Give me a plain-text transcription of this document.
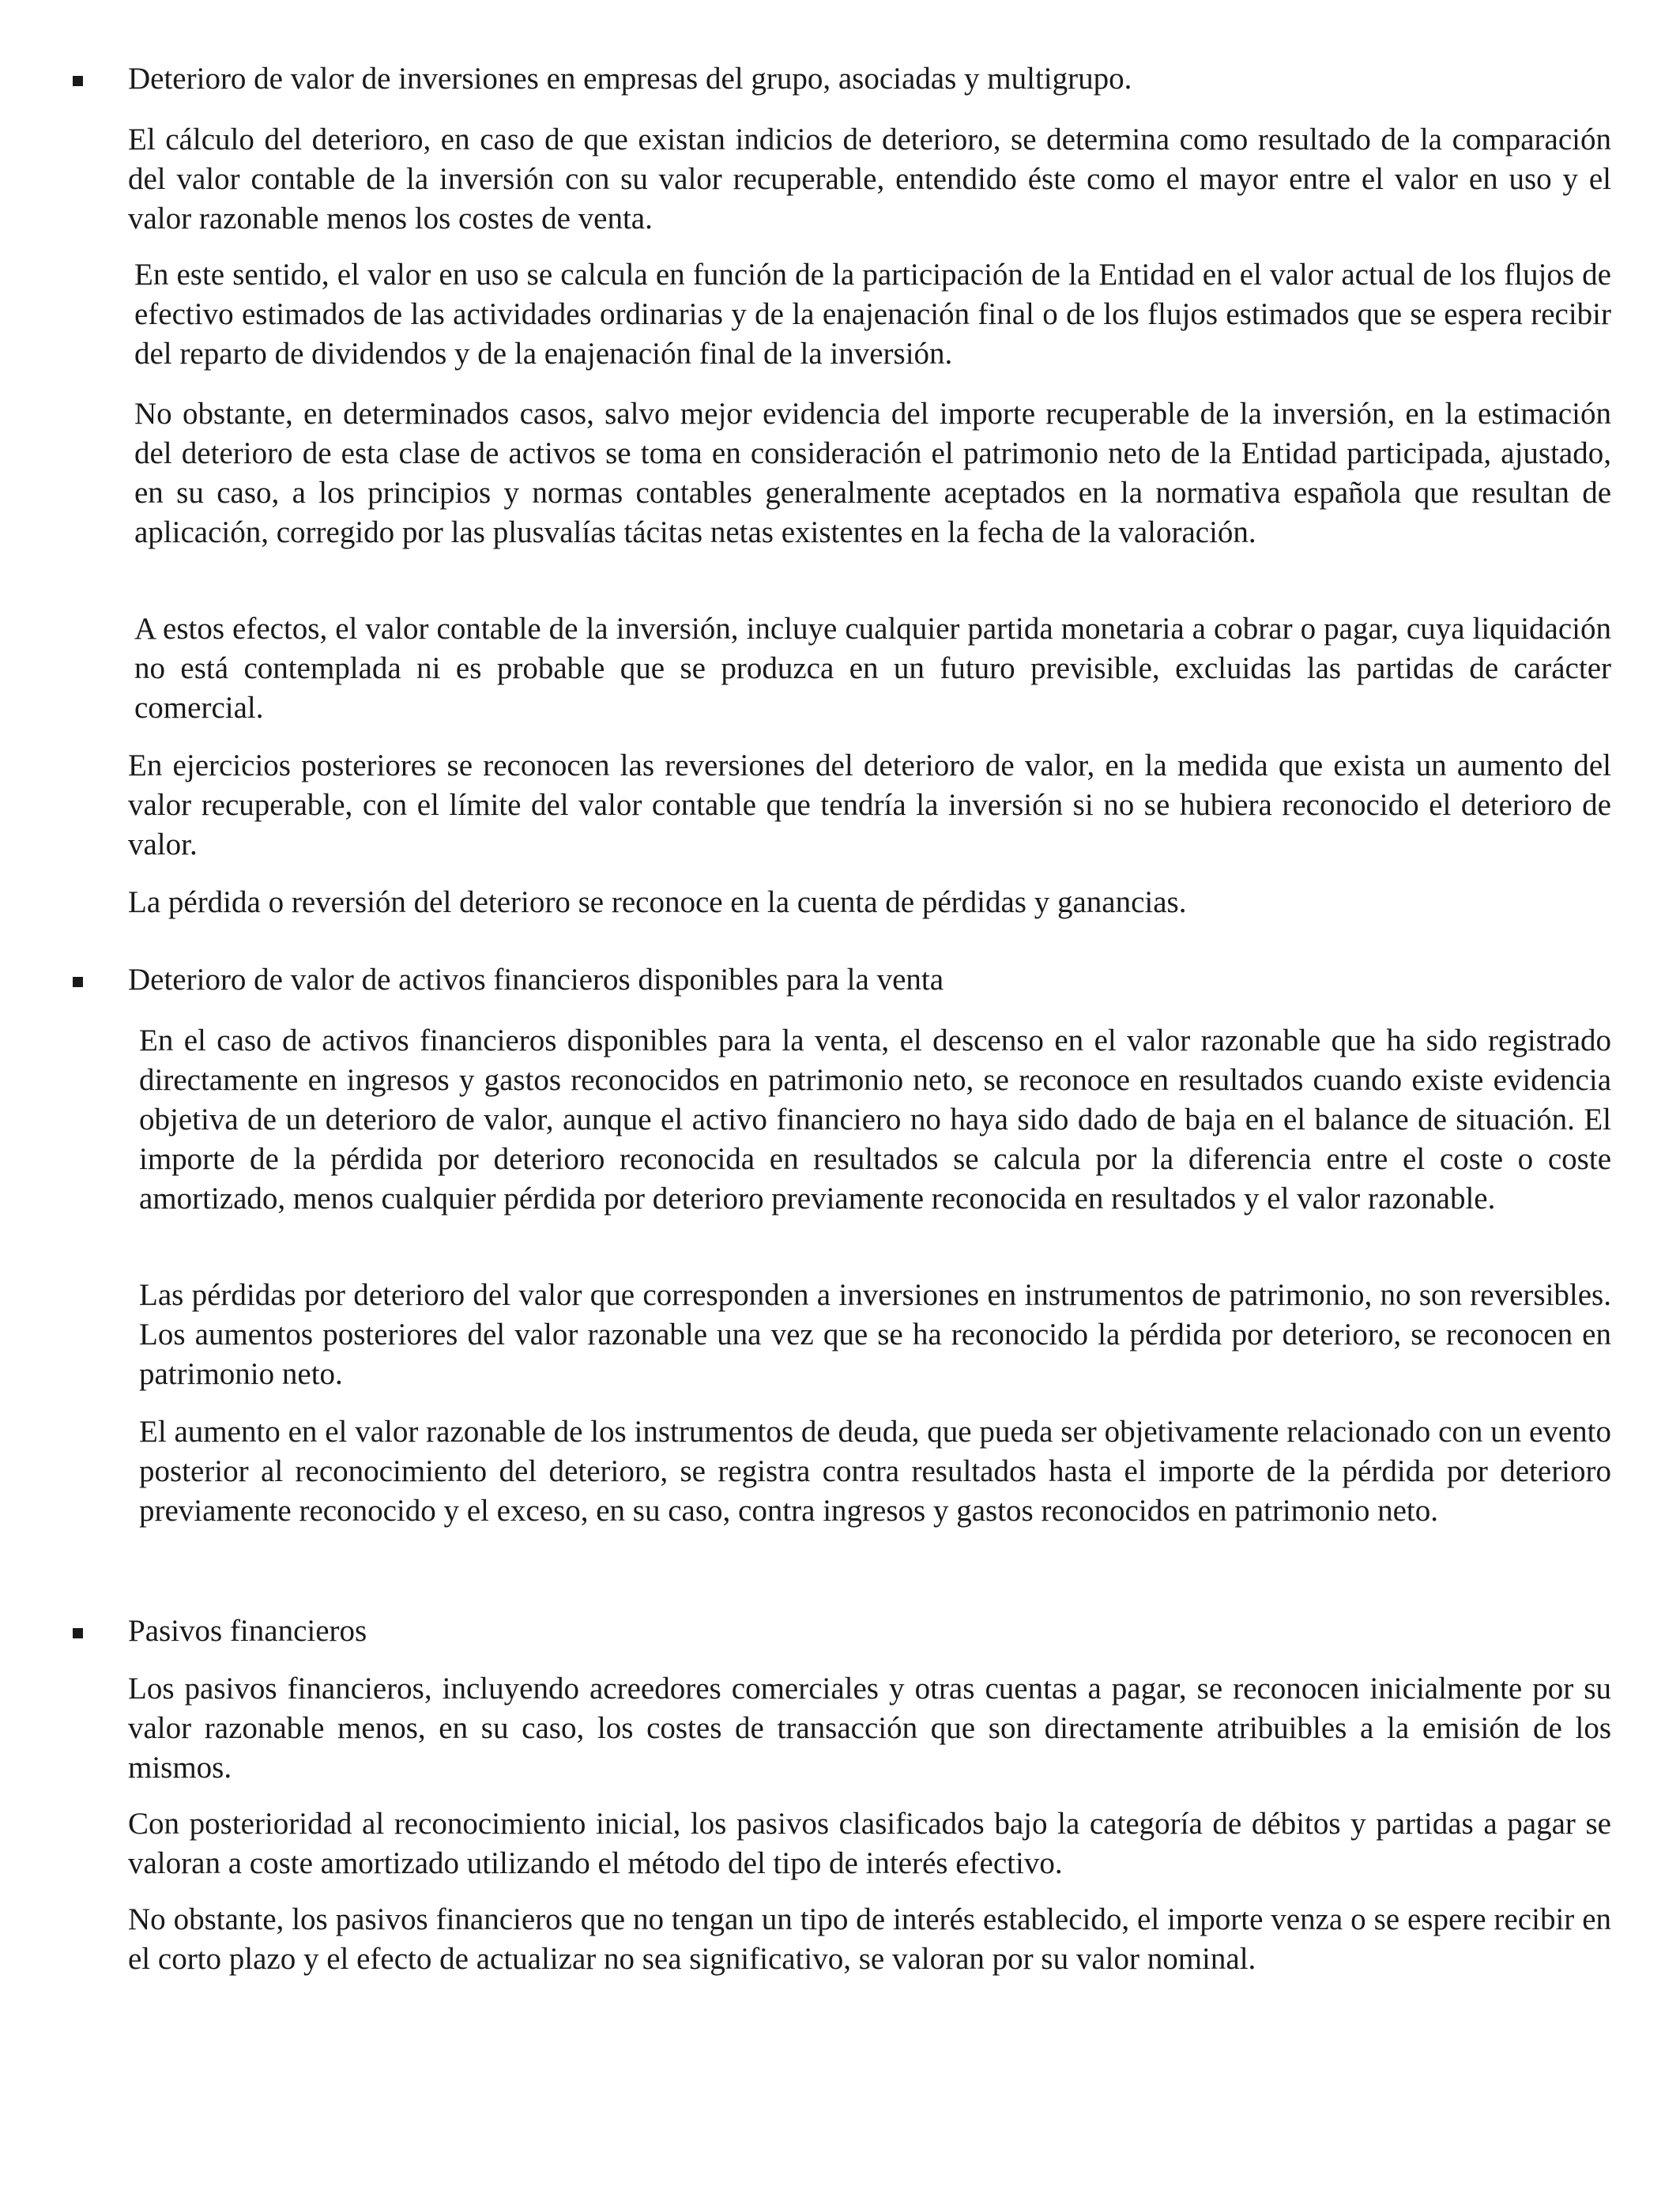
Deterioro de valor de inversiones en empresas del grupo, asociadas y multigrupo.

El cálculo del deterioro, en caso de que existan indicios de deterioro, se determina como resultado de la comparación del valor contable de la inversión con su valor recuperable, entendido éste como el mayor entre el valor en uso y el valor razonable menos los costes de venta.

En este sentido, el valor en uso se calcula en función de la participación de la Entidad en el valor actual de los flujos de efectivo estimados de las actividades ordinarias y de la enajenación final o de los flujos estimados que se espera recibir del reparto de dividendos y de la enajenación final de la inversión.

No obstante, en determinados casos, salvo mejor evidencia del importe recuperable de la inversión, en la estimación del deterioro de esta clase de activos se toma en consideración el patrimonio neto de la Entidad participada, ajustado, en su caso, a los principios y normas contables generalmente aceptados en la normativa española que resultan de aplicación, corregido por las plusvalías tácitas netas existentes en la fecha de la valoración.

A estos efectos, el valor contable de la inversión, incluye cualquier partida monetaria a cobrar o pagar, cuya liquidación no está contemplada ni es probable que se produzca en un futuro previsible, excluidas las partidas de carácter comercial.

En ejercicios posteriores se reconocen las reversiones del deterioro de valor, en la medida que exista un aumento del valor recuperable, con el límite del valor contable que tendría la inversión si no se hubiera reconocido el deterioro de valor.

La pérdida o reversión del deterioro se reconoce en la cuenta de pérdidas y ganancias.

Deterioro de valor de activos financieros disponibles para la venta

En el caso de activos financieros disponibles para la venta, el descenso en el valor razonable que ha sido registrado directamente en ingresos y gastos reconocidos en patrimonio neto, se reconoce en resultados cuando existe evidencia objetiva de un deterioro de valor, aunque el activo financiero no haya sido dado de baja en el balance de situación. El importe de la pérdida por deterioro reconocida en resultados se calcula por la diferencia entre el coste o coste amortizado, menos cualquier pérdida por deterioro previamente reconocida en resultados y el valor razonable.

Las pérdidas por deterioro del valor que corresponden a inversiones en instrumentos de patrimonio, no son reversibles. Los aumentos posteriores del valor razonable una vez que se ha reconocido la pérdida por deterioro, se reconocen en patrimonio neto.

El aumento en el valor razonable de los instrumentos de deuda, que pueda ser objetivamente relacionado con un evento posterior al reconocimiento del deterioro, se registra contra resultados hasta el importe de la pérdida por deterioro previamente reconocido y el exceso, en su caso, contra ingresos y gastos reconocidos en patrimonio neto.

Pasivos financieros

Los pasivos financieros, incluyendo acreedores comerciales y otras cuentas a pagar, se reconocen inicialmente por su valor razonable menos, en su caso, los costes de transacción que son directamente atribuibles a la emisión de los mismos.

Con posterioridad al reconocimiento inicial, los pasivos clasificados bajo la categoría de débitos y partidas a pagar se valoran a coste amortizado utilizando el método del tipo de interés efectivo.

No obstante, los pasivos financieros que no tengan un tipo de interés establecido, el importe venza o se espere recibir en el corto plazo y el efecto de actualizar no sea significativo, se valoran por su valor nominal.
